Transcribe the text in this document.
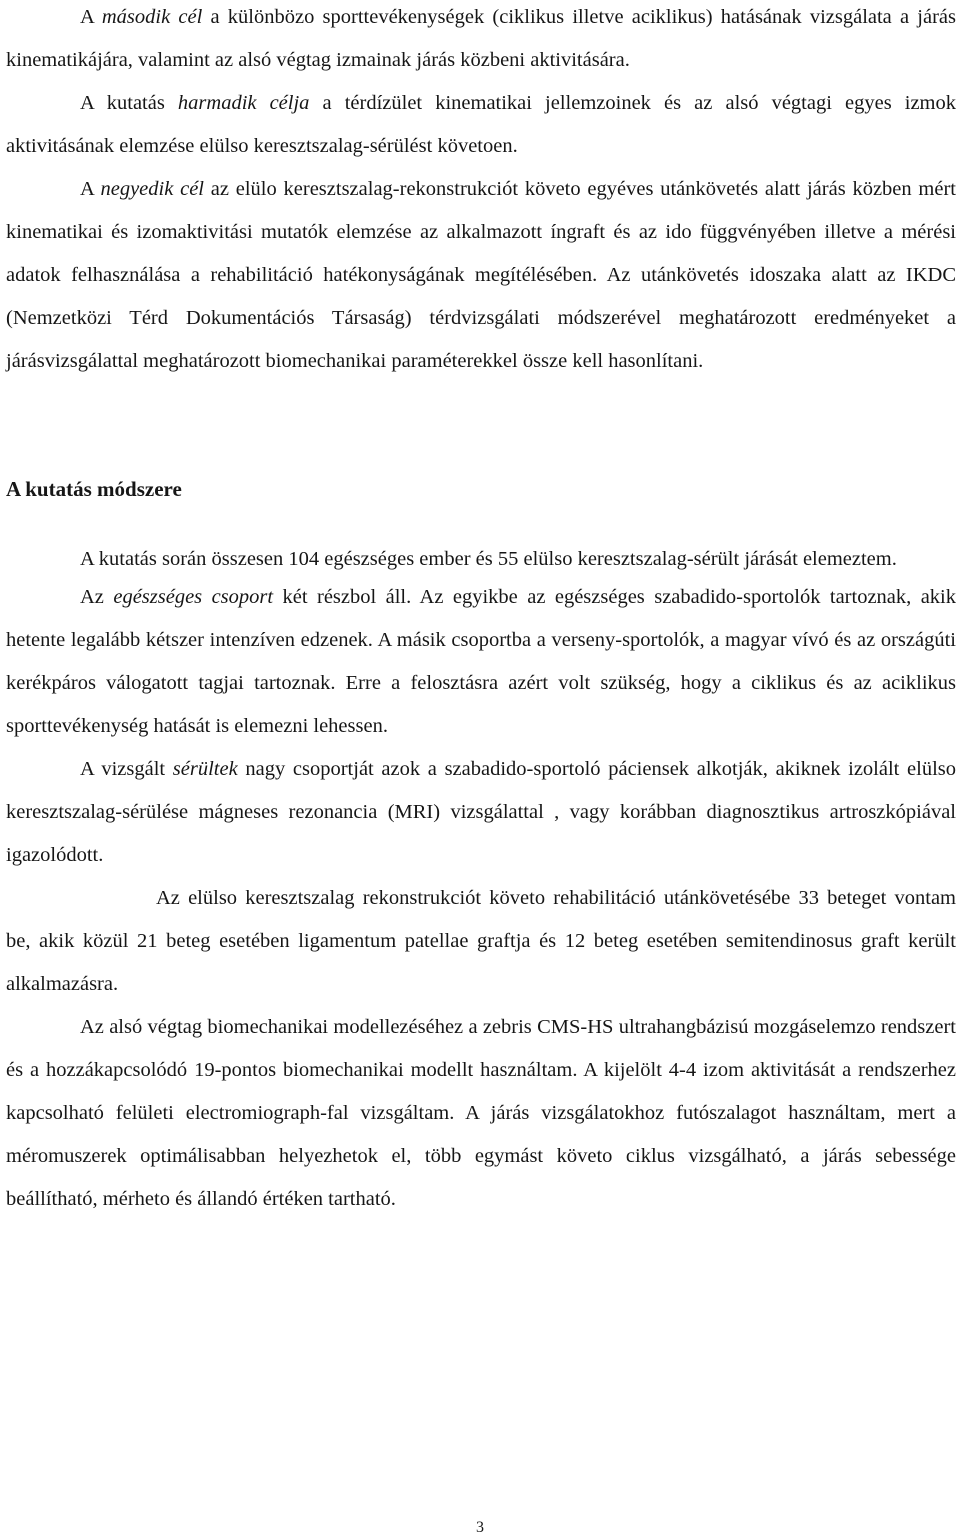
A második cél a különbözo sporttevékenységek (ciklikus illetve aciklikus) hatásának vizsgálata a járás kinematikájára, valamint az alsó végtag izmainak járás közbeni aktivitására.

A kutatás harmadik célja a térdízület kinematikai jellemzoinek és az alsó végtagi egyes izmok aktivitásának elemzése elülso keresztszalag-sérülést követoen.

A negyedik cél az elülo keresztszalag-rekonstrukciót követo egyéves utánkövetés alatt járás közben mért kinematikai és izomaktivitási mutatók elemzése az alkalmazott íngraft és az ido függvényében illetve a mérési adatok felhasználása a rehabilitáció hatékonyságának megítélésében. Az utánkövetés idoszaka alatt az IKDC (Nemzetközi Térd Dokumentációs Társaság) térdvizsgálati módszerével meghatározott eredményeket a járásvizsgálattal meghatározott biomechanikai paraméterekkel össze kell hasonlítani.

A kutatás módszere

A kutatás során összesen 104 egészséges ember és 55 elülso keresztszalag-sérült járását elemeztem.

Az egészséges csoport két részbol áll. Az egyikbe az egészséges szabadido-sportolók tartoznak, akik hetente legalább kétszer intenzíven edzenek. A másik csoportba a verseny-sportolók, a magyar vívó és az országúti kerékpáros válogatott tagjai tartoznak. Erre a felosztásra azért volt szükség, hogy a ciklikus és az aciklikus sporttevékenység hatását is elemezni lehessen.

A vizsgált sérültek nagy csoportját azok a szabadido-sportoló páciensek alkotják, akiknek izolált elülso keresztszalag-sérülése mágneses rezonancia (MRI) vizsgálattal , vagy korábban diagnosztikus artroszkópiával igazolódott.

Az elülso keresztszalag rekonstrukciót követo rehabilitáció utánkövetésébe 33 beteget vontam be, akik közül 21 beteg esetében ligamentum patellae graftja és 12 beteg esetében semitendinosus graft került alkalmazásra.

Az alsó végtag biomechanikai modellezéséhez a zebris CMS-HS ultrahangbázisú mozgáselemzo rendszert és a hozzákapcsolódó 19-pontos biomechanikai modellt használtam. A kijelölt 4-4 izom aktivitását a rendszerhez kapcsolható felületi electromiograph-fal vizsgáltam. A járás vizsgálatokhoz futószalagot használtam, mert a méromuszerek optimálisabban helyezhetok el, több egymást követo ciklus vizsgálható, a járás sebessége beállítható, mérheto és állandó értéken tartható.

3
